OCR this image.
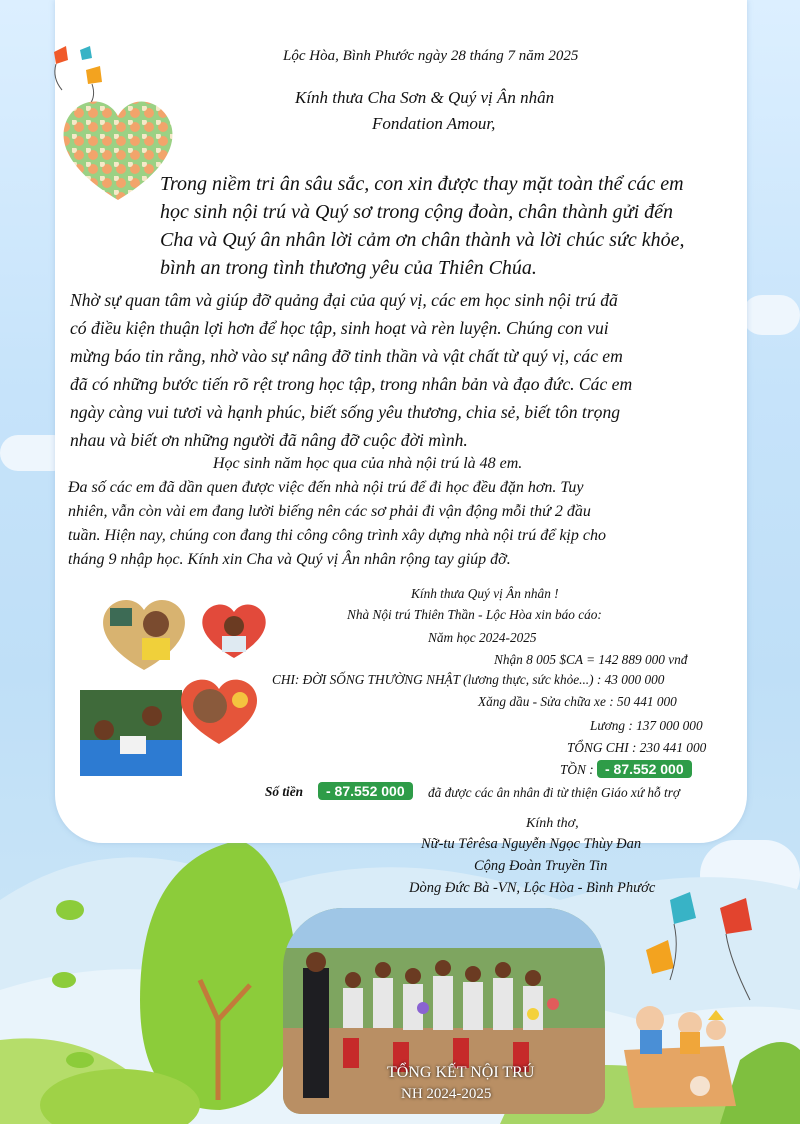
Lộc Hòa, Bình Phước ngày 28 tháng 7 năm 2025
Kính thưa Cha Sơn & Quý vị Ân nhân
Fondation Amour,
Trong niềm tri ân sâu sắc, con xin được thay mặt toàn thể các em
học sinh nội trú và Quý sơ trong cộng đoàn, chân thành gửi đến
Cha và Quý ân nhân lời cảm ơn chân thành và lời chúc sức khỏe,
bình an trong tình thương yêu của Thiên Chúa.
Nhờ sự quan tâm và giúp đỡ quảng đại của quý vị, các em học sinh nội trú đã
có điều kiện thuận lợi hơn để học tập, sinh hoạt và rèn luyện. Chúng con vui
mừng báo tin rằng, nhờ vào sự nâng đỡ tinh thần và vật chất từ quý vị, các em
đã có những bước tiến rõ rệt trong học tập, trong nhân bản và đạo đức. Các em
ngày càng vui tươi và hạnh phúc, biết sống yêu thương, chia sẻ, biết tôn trọng
nhau và biết ơn những người đã nâng đỡ cuộc đời mình.
Học sinh năm học qua của nhà nội trú là 48 em.
Đa số các em đã dần quen được việc đến nhà nội trú để đi học đều đặn hơn. Tuy
nhiên, vẫn còn vài em đang lười biếng nên các sơ phải đi vận động mỗi thứ 2 đầu
tuần. Hiện nay, chúng con đang thi công công trình xây dựng nhà nội trú để kịp cho
tháng 9 nhập học. Kính xin Cha và Quý vị Ân nhân rộng tay giúp đỡ.
Kính thưa Quý vị Ân nhân !
Nhà Nội trú Thiên Thần - Lộc Hòa xin báo cáo:
Năm học 2024-2025
Nhận 8 005 $CA = 142 889 000 vnđ
CHI: ĐỜI SỐNG THƯỜNG NHẬT (lương thực, sức khỏe...) : 43 000 000
Xăng dầu - Sửa chữa xe : 50 441 000
Lương : 137 000 000
TỔNG CHI : 230 441 000
TỒN : - 87.552 000
Số tiền	- 87.552 000	đã được các ân nhân đi từ thiện Giáo xứ hỗ trợ
Kính thơ,
Nữ-tu Têrêsa Nguyễn Ngọc Thùy Đan
Cộng Đoàn Truyền Tin
Dòng Đức Bà -VN, Lộc Hòa - Bình Phước
TỔNG KẾT NỘI TRÚ
NH 2024-2025
